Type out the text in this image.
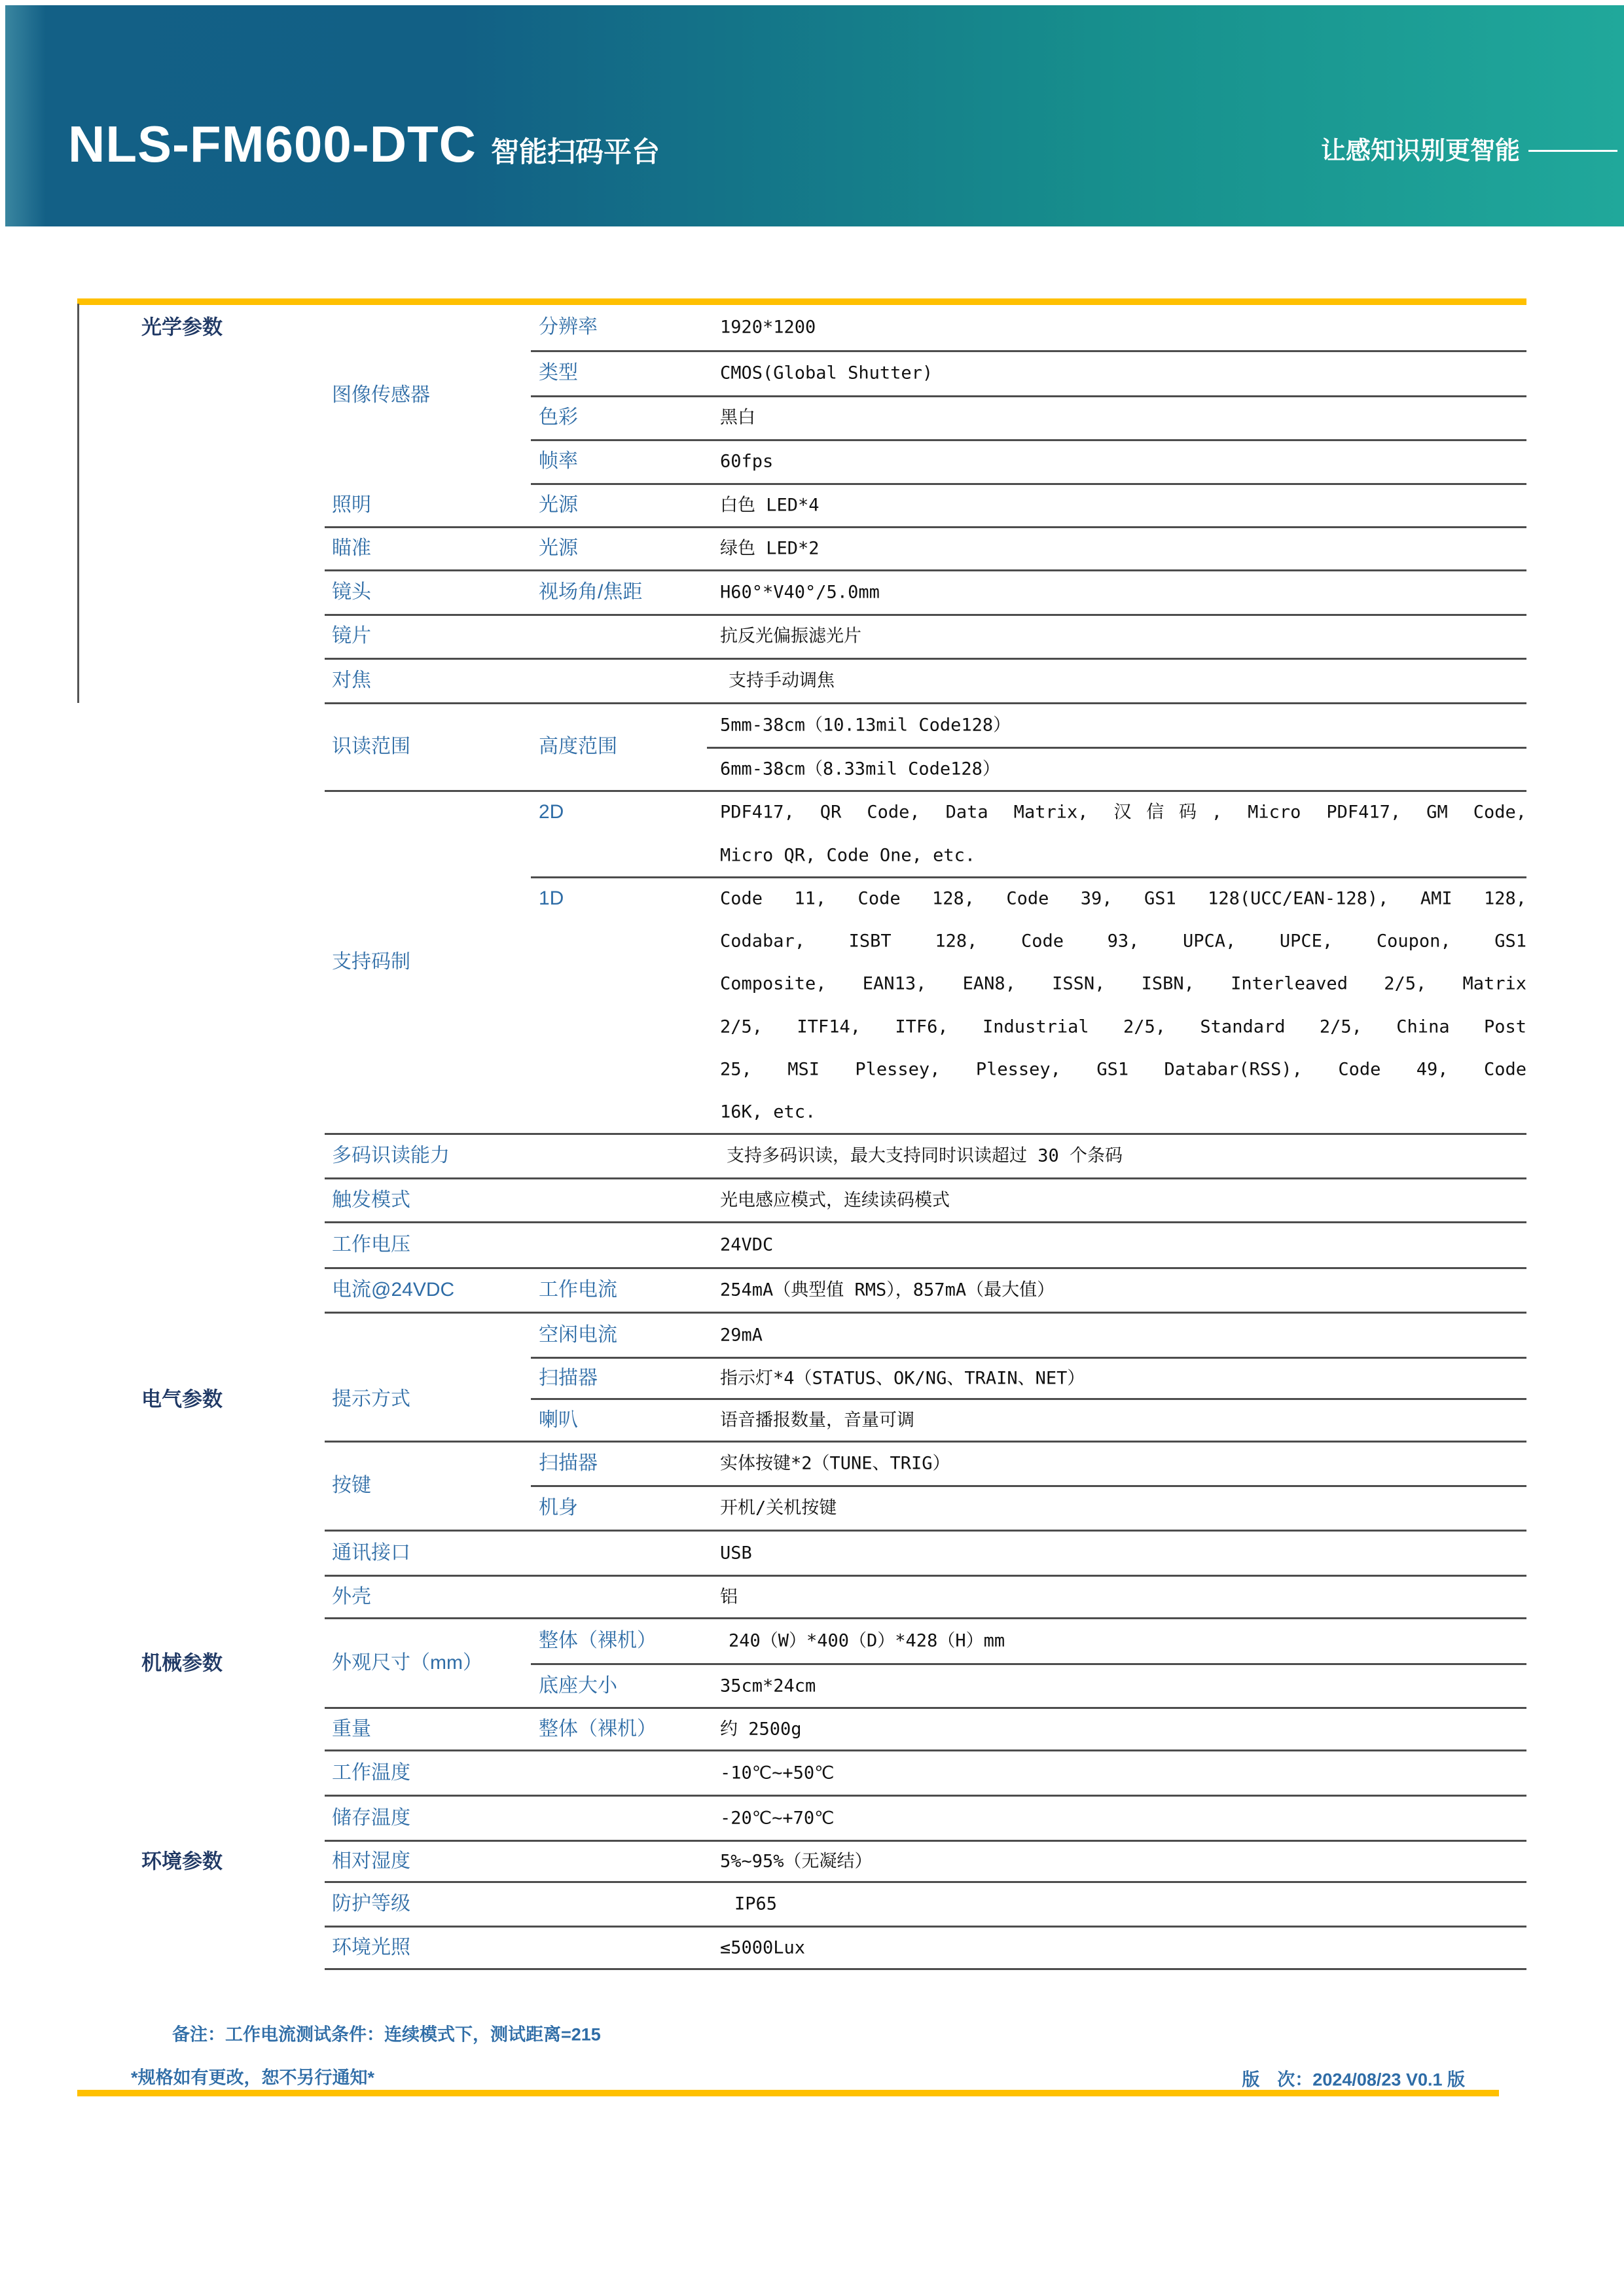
NLS-FM600-DTC 智能扫码平台	让感知识别更智能
光学参数
电气参数
机械参数
环境参数
图像传感器
照明
瞄准
镜头
镜片
对焦
识读范围
支持码制
多码识读能力
触发模式
工作电压
电流@24VDC
提示方式
按键
通讯接口
外壳
外观尺寸（mm）
重量
工作温度
储存温度
相对湿度
防护等级
环境光照
分辨率
类型
色彩
帧率
光源
光源
视场角/焦距
高度范围
2D
1D
工作电流
空闲电流
扫描器
喇叭
扫描器
机身
整体（裸机）
底座大小
整体（裸机）
1920*1200
CMOS(Global Shutter)
黑白
60fps
白色 LED*4
绿色 LED*2
H60°*V40°/5.0mm
抗反光偏振滤光片
支持手动调焦
5mm-38cm（10.13mil Code128）
6mm-38cm（8.33mil Code128）
支持多码识读，最大支持同时识读超过 30 个条码
光电感应模式，连续读码模式
24VDC
254mA（典型值 RMS），857mA（最大值）
29mA
指示灯*4（STATUS、OK/NG、TRAIN、NET）
语音播报数量，音量可调
实体按键*2（TUNE、TRIG）
开机/关机按键
USB
铝
240（W）*400（D）*428（H）mm
35cm*24cm
约 2500g
-10℃~+50℃
-20℃~+70℃
5%~95%（无凝结）
IP65
≤5000Lux
PDF417, QR Code, Data Matrix, 汉信码, Micro PDF417, GM Code,
Micro QR, Code One, etc.
Code 11, Code 128, Code 39, GS1 128(UCC/EAN-128), AMI 128,
Codabar, ISBT 128, Code 93, UPCA, UPCE, Coupon, GS1
Composite, EAN13, EAN8, ISSN, ISBN, Interleaved 2/5, Matrix
2/5, ITF14, ITF6, Industrial 2/5, Standard 2/5, China Post
25, MSI Plessey, Plessey, GS1 Databar(RSS), Code 49, Code
16K, etc.
备注：工作电流测试条件：连续模式下，测试距离=215
*规格如有更改，恕不另行通知*	版　次：2024/08/23 V0.1 版
